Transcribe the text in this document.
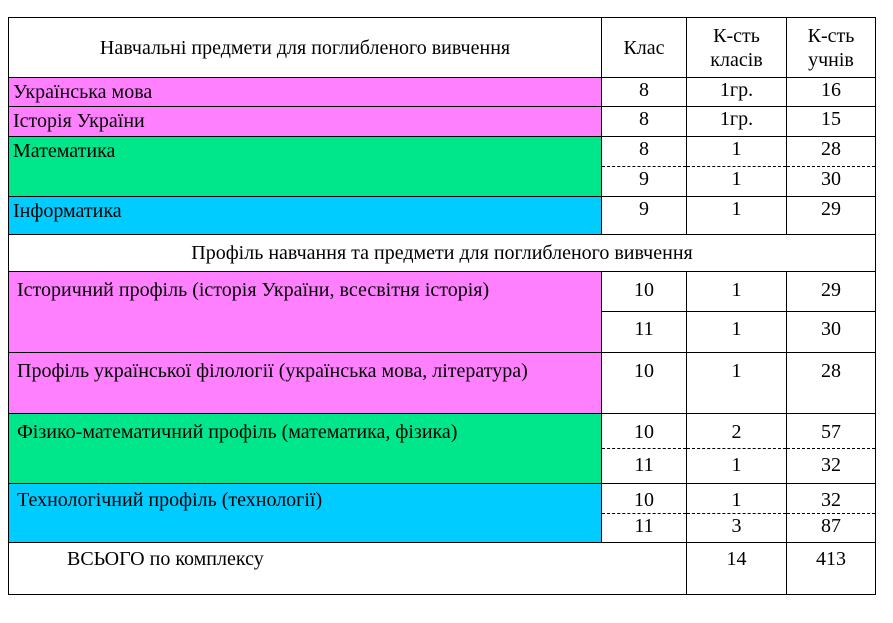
Навчальні предмети для поглибленого вивчення	Клас	К-сть класів	К-сть учнів
Українська мова	8	1гр.	16
Історія України	8	1гр.	15
Математика	8	1	28
	9	1	30
Інформатика	9	1	29
Профіль навчання та предмети для поглибленого вивчення			
Історичний профіль (історія України, всесвітня історія)	10	1	29
	11	1	30
Профіль української філології (українська мова, література)	10	1	28
Фізико-математичний профіль (математика, фізика)	10	2	57
	11	1	32
Технологічний профіль (технології)	10	1	32
	11	3	87
ВСЬОГО по комплексу		14	413
